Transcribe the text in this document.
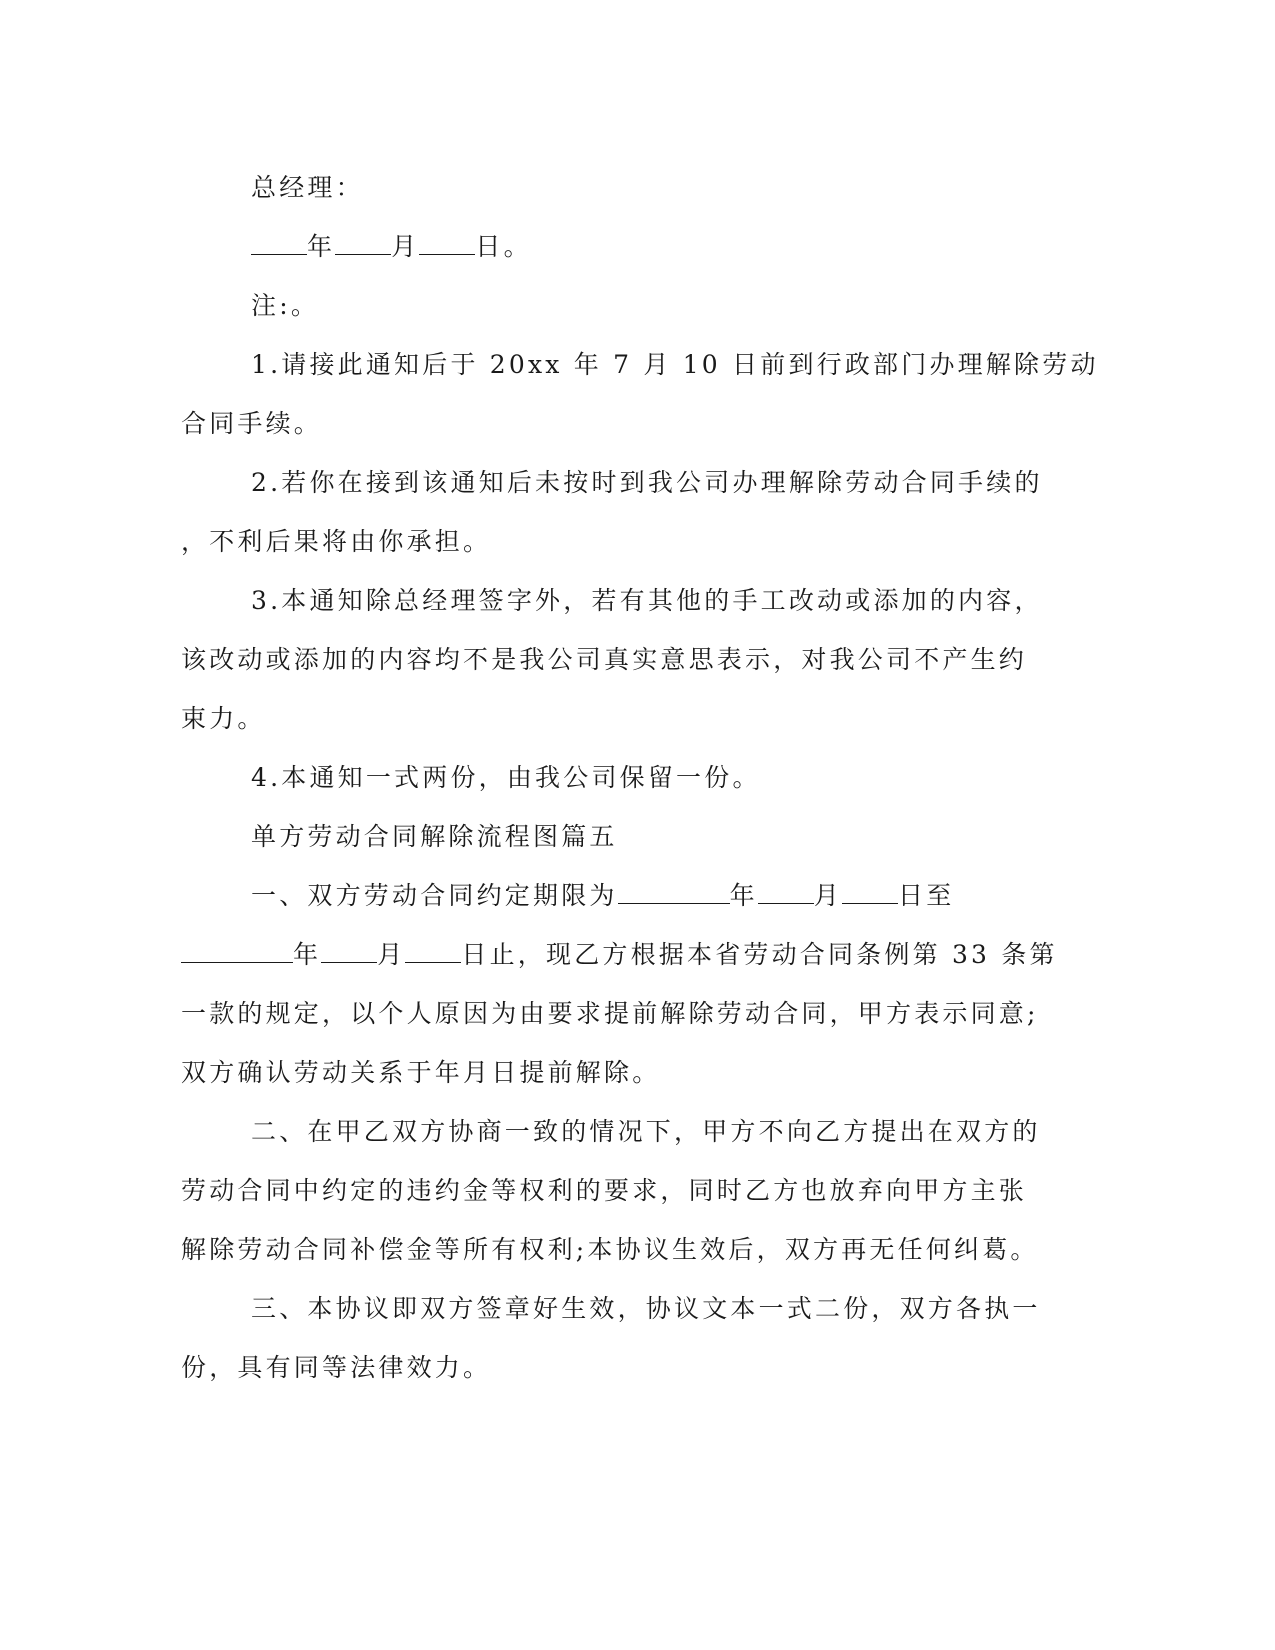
总经理：
年 月 日。
注:。
1.请接此通知后于 20xx 年 7 月 10 日前到行政部门办理解除劳动
合同手续。
2.若你在接到该通知后未按时到我公司办理解除劳动合同手续的
，不利后果将由你承担。
3.本通知除总经理签字外，若有其他的手工改动或添加的内容，
该改动或添加的内容均不是我公司真实意思表示，对我公司不产生约
束力。
4.本通知一式两份，由我公司保留一份。
单方劳动合同解除流程图篇五
一、双方劳动合同约定期限为	年 月 日至
年 月 日止，现乙方根据本省劳动合同条例第 33 条第
一款的规定，以个人原因为由要求提前解除劳动合同，甲方表示同意;
双方确认劳动关系于年月日提前解除。
二、在甲乙双方协商一致的情况下，甲方不向乙方提出在双方的
劳动合同中约定的违约金等权利的要求，同时乙方也放弃向甲方主张
解除劳动合同补偿金等所有权利;本协议生效后，双方再无任何纠葛。
三、本协议即双方签章好生效，协议文本一式二份，双方各执一
份，具有同等法律效力。
